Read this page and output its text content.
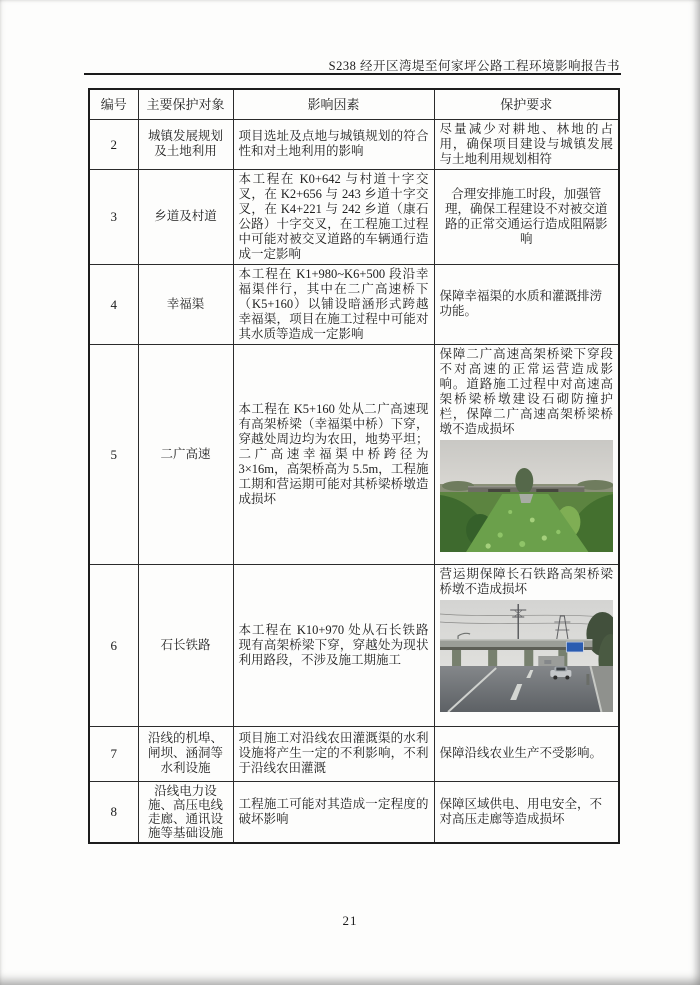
S238 经开区湾堤至何家坪公路工程环境影响报告书
编号	主要保护对象	影响因素	保护要求
2	城镇发展规划及土地利用	项目选址及点地与城镇规划的符合性和对土地利用的影响	尽量减少对耕地、林地的占用，确保项目建设与城镇发展与土地利用规划相符
3	乡道及村道	本工程在 K0+642 与村道十字交叉，在 K2+656 与 243 乡道十字交叉，在 K4+221 与 242 乡道（康石公路）十字交叉，在工程施工过程中可能对被交叉道路的车辆通行造成一定影响	合理安排施工时段，加强管理，确保工程建设不对被交道路的正常交通运行造成阻隔影响
4	幸福渠	本工程在 K1+980~K6+500 段沿幸福渠伴行，其中在二广高速桥下（K5+160）以铺设暗涵形式跨越幸福渠，项目在施工过程中可能对其水质等造成一定影响	保障幸福渠的水质和灌溉排涝功能。
5	二广高速	本工程在 K5+160 处从二广高速现有高架桥梁（幸福渠中桥）下穿，穿越处周边均为农田，地势平坦；二广高速幸福渠中桥跨径为 3×16m，高架桥高为 5.5m，工程施工期和营运期可能对其桥梁桥墩造成损坏	保障二广高速高架桥梁下穿段不对高速的正常运营造成影响。道路施工过程中对高速高架桥梁桥墩建设石砌防撞护栏，保障二广高速高架桥梁桥墩不造成损坏

6	石长铁路	本工程在 K10+970 处从石长铁路现有高架桥梁下穿，穿越处为现状利用路段，不涉及施工期施工	营运期保障长石铁路高架桥梁桥墩不造成损坏

7	沿线的机埠、闸坝、涵洞等水利设施	项目施工对沿线农田灌溉渠的水利设施将产生一定的不利影响，不利于沿线农田灌溉	保障沿线农业生产不受影响。
8	沿线电力设施、高压电线走廊、通讯设施等基础设施	工程施工可能对其造成一定程度的破坏影响	保障区域供电、用电安全，不对高压走廊等造成损坏
21
